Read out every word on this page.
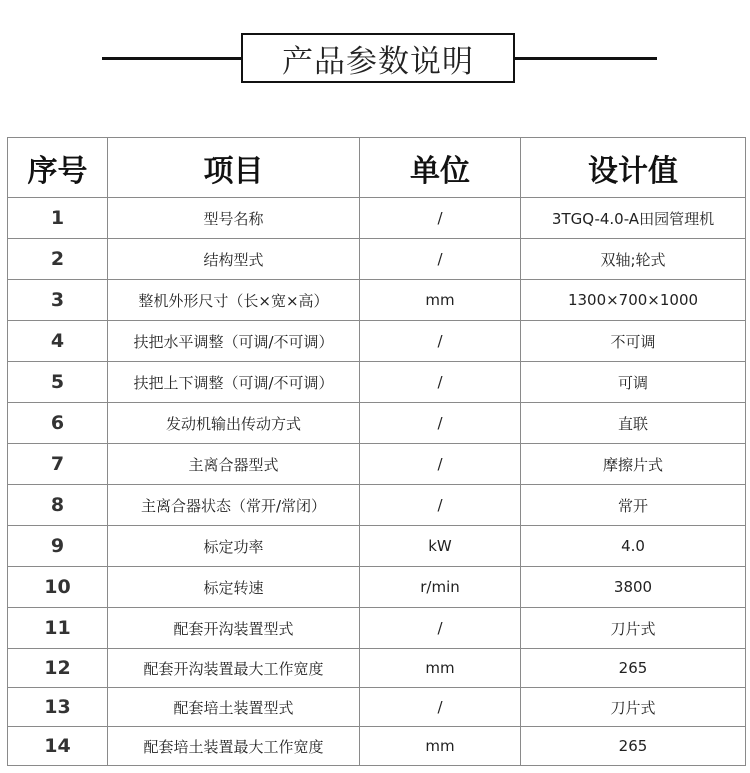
产品参数说明
序号	项目	单位	设计值
1	型号名称	/	3TGQ-4.0-A田园管理机
2	结构型式	/	双轴;轮式
3	整机外形尺寸（长×宽×高）	mm	1300×700×1000
4	扶把水平调整（可调/不可调）	/	不可调
5	扶把上下调整（可调/不可调）	/	可调
6	发动机输出传动方式	/	直联
7	主离合器型式	/	摩擦片式
8	主离合器状态（常开/常闭）	/	常开
9	标定功率	kW	4.0
10	标定转速	r/min	3800
11	配套开沟装置型式	/	刀片式
12	配套开沟装置最大工作宽度	mm	265
13	配套培土装置型式	/	刀片式
14	配套培土装置最大工作宽度	mm	265
